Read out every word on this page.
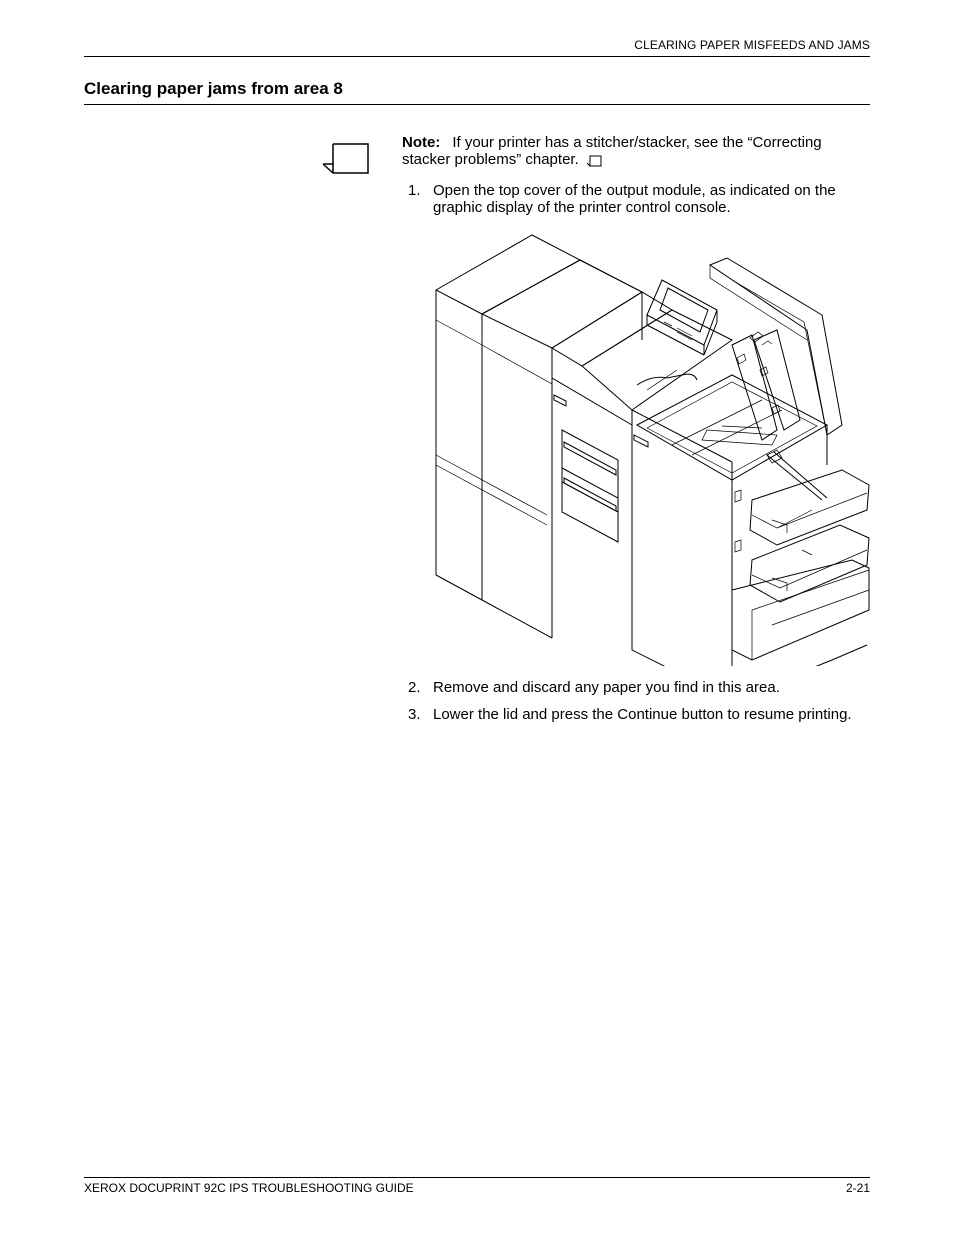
CLEARING PAPER MISFEEDS AND JAMS
Clearing paper jams from area 8
Note: If your printer has a stitcher/stacker, see the “Correcting stacker problems” chapter.
1. Open the top cover of the output module, as indicated on the graphic display of the printer control console.
2. Remove and discard any paper you find in this area.
3. Lower the lid and press the Continue button to resume printing.
XEROX DOCUPRINT 92C IPS TROUBLESHOOTING GUIDE	2-21
